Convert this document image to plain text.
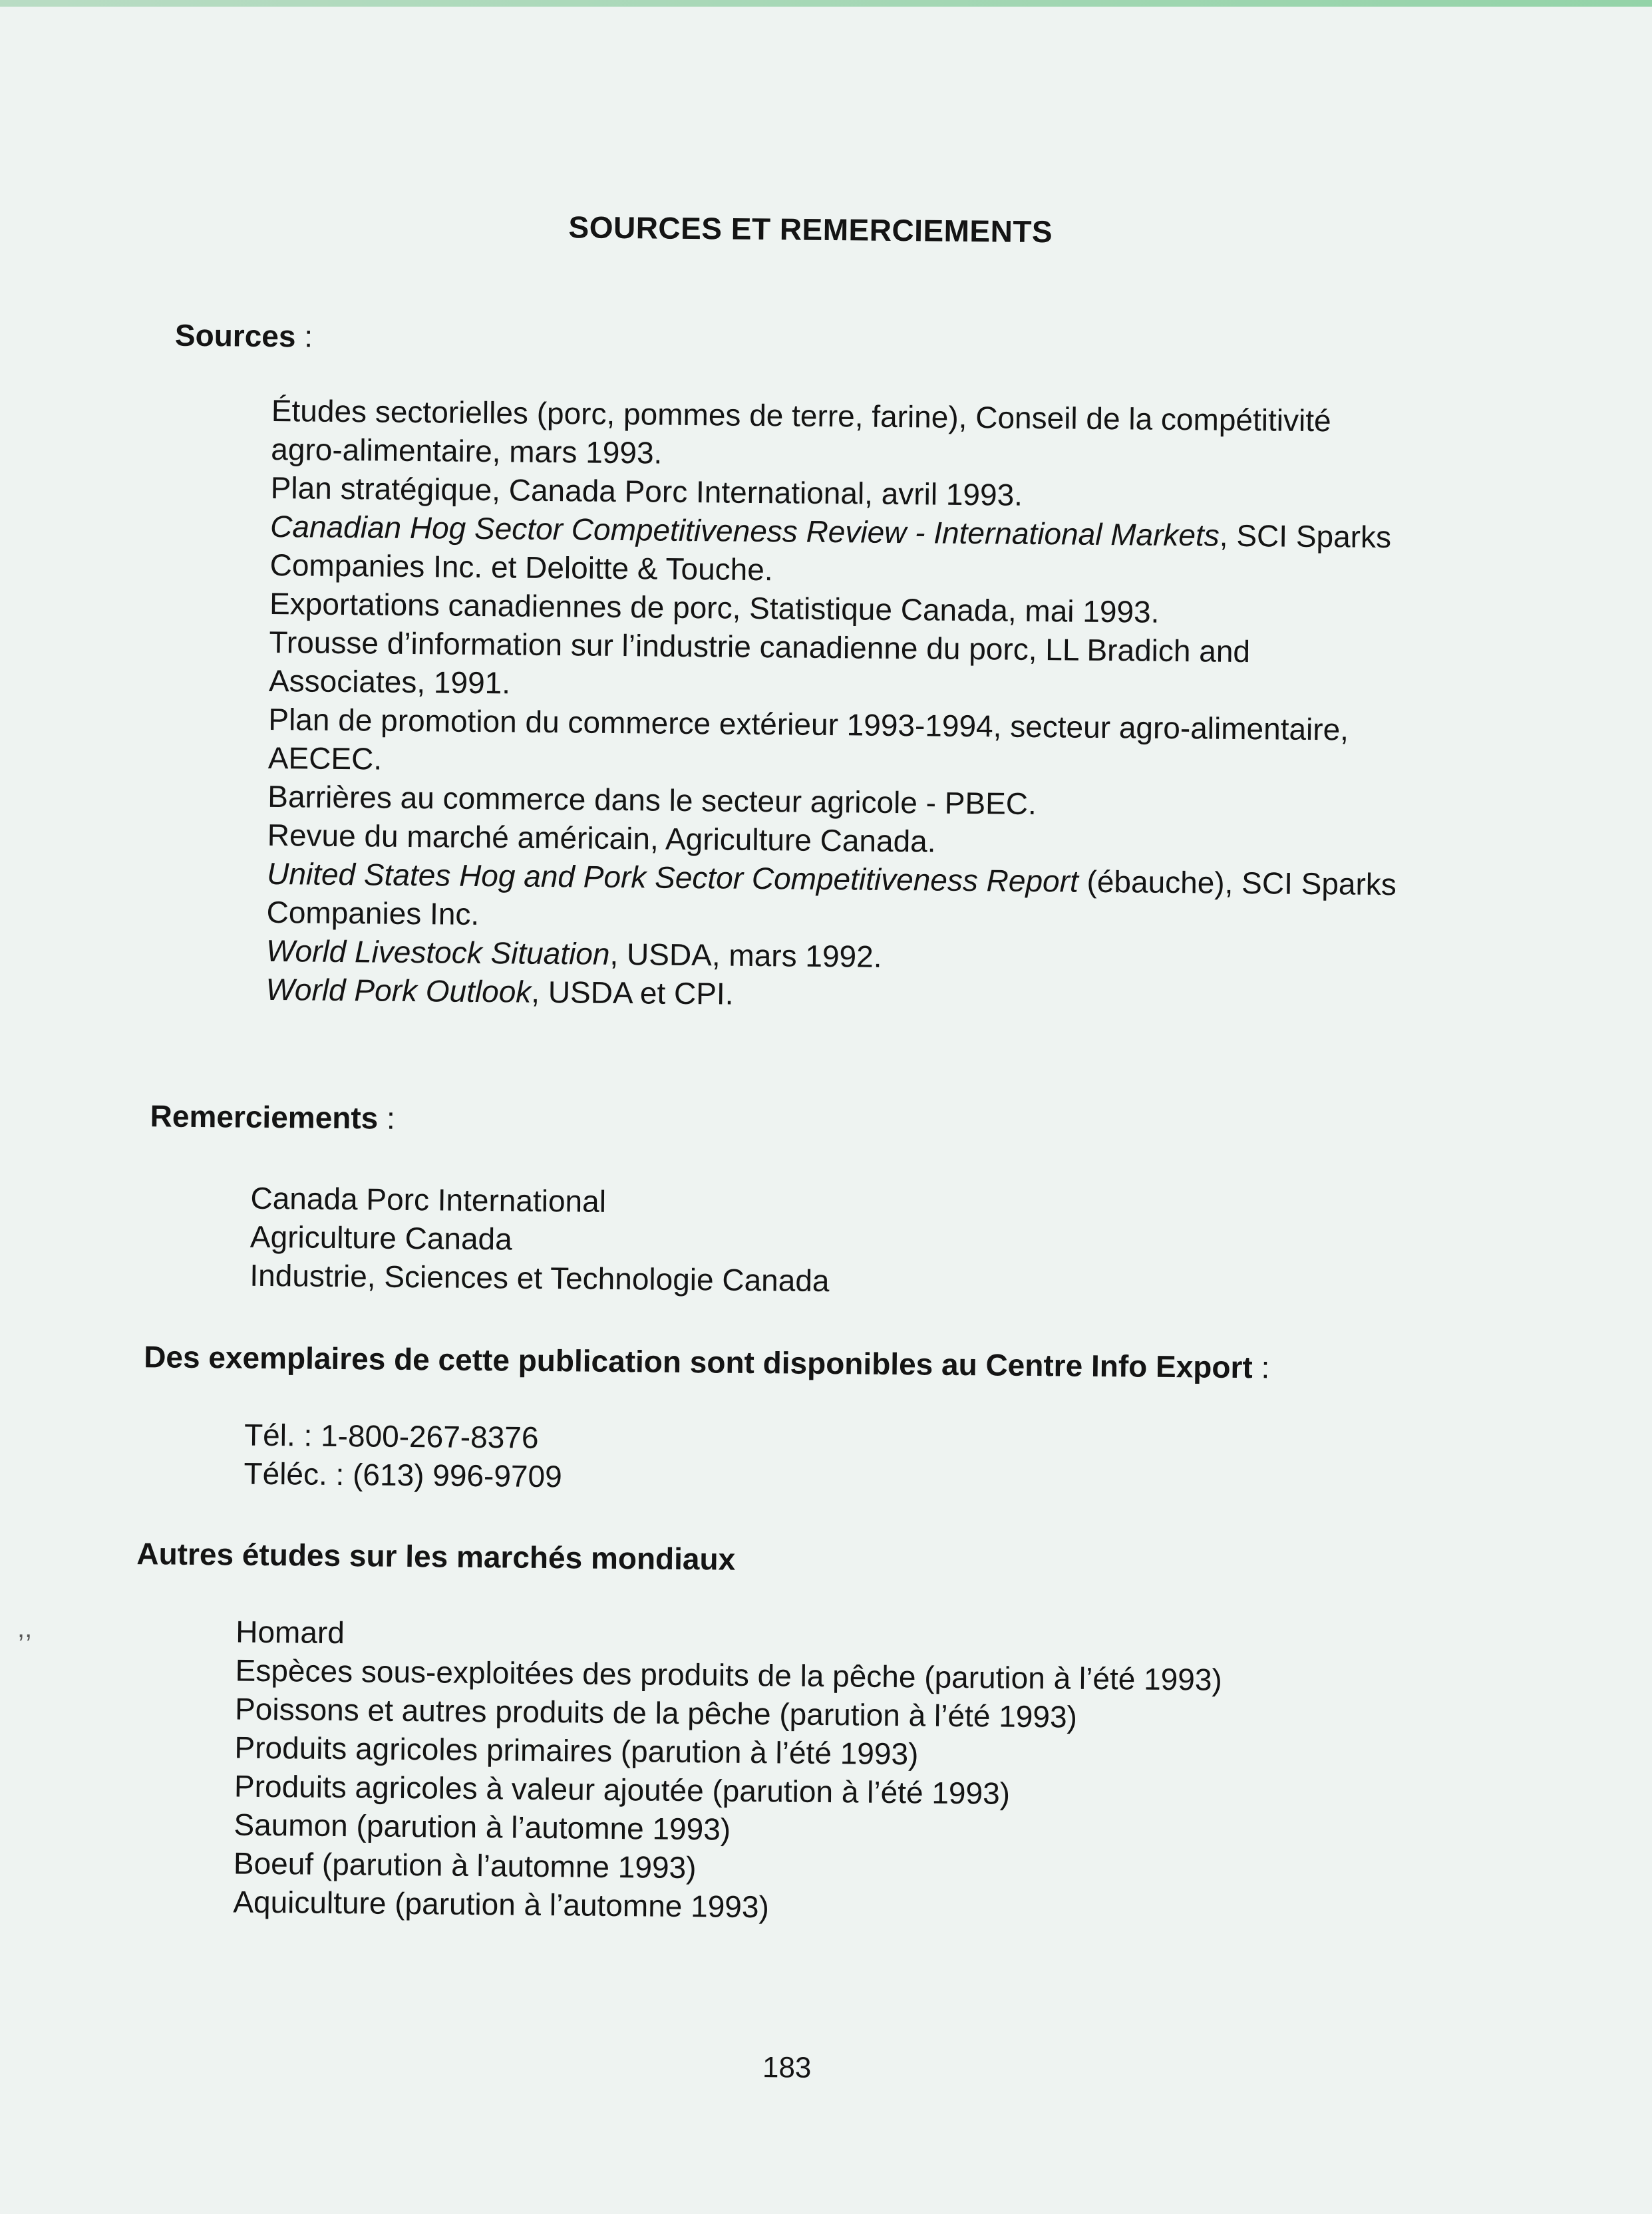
SOURCES ET REMERCIEMENTS
Sources :
Études sectorielles (porc, pommes de terre, farine), Conseil de la compétitivité
agro-alimentaire, mars 1993.
Plan stratégique, Canada Porc International, avril 1993.
Canadian Hog Sector Competitiveness Review - International Markets, SCI Sparks
Companies Inc. et Deloitte & Touche.
Exportations canadiennes de porc, Statistique Canada, mai 1993.
Trousse d’information sur l’industrie canadienne du porc, LL Bradich and
Associates, 1991.
Plan de promotion du commerce extérieur 1993-1994, secteur agro-alimentaire,
AECEC.
Barrières au commerce dans le secteur agricole - PBEC.
Revue du marché américain, Agriculture Canada.
United States Hog and Pork Sector Competitiveness Report (ébauche), SCI Sparks
Companies Inc.
World Livestock Situation, USDA, mars 1992.
World Pork Outlook, USDA et CPI.
Remerciements :
Canada Porc International
Agriculture Canada
Industrie, Sciences et Technologie Canada
Des exemplaires de cette publication sont disponibles au Centre Info Export :
Tél. : 1-800-267-8376
Téléc. : (613) 996-9709
Autres études sur les marchés mondiaux
Homard
Espèces sous-exploitées des produits de la pêche (parution à l’été 1993)
Poissons et autres produits de la pêche (parution à l’été 1993)
Produits agricoles primaires (parution à l’été 1993)
Produits agricoles à valeur ajoutée (parution à l’été 1993)
Saumon (parution à l’automne 1993)
Boeuf (parution à l’automne 1993)
Aquiculture (parution à l’automne 1993)
183
,,
